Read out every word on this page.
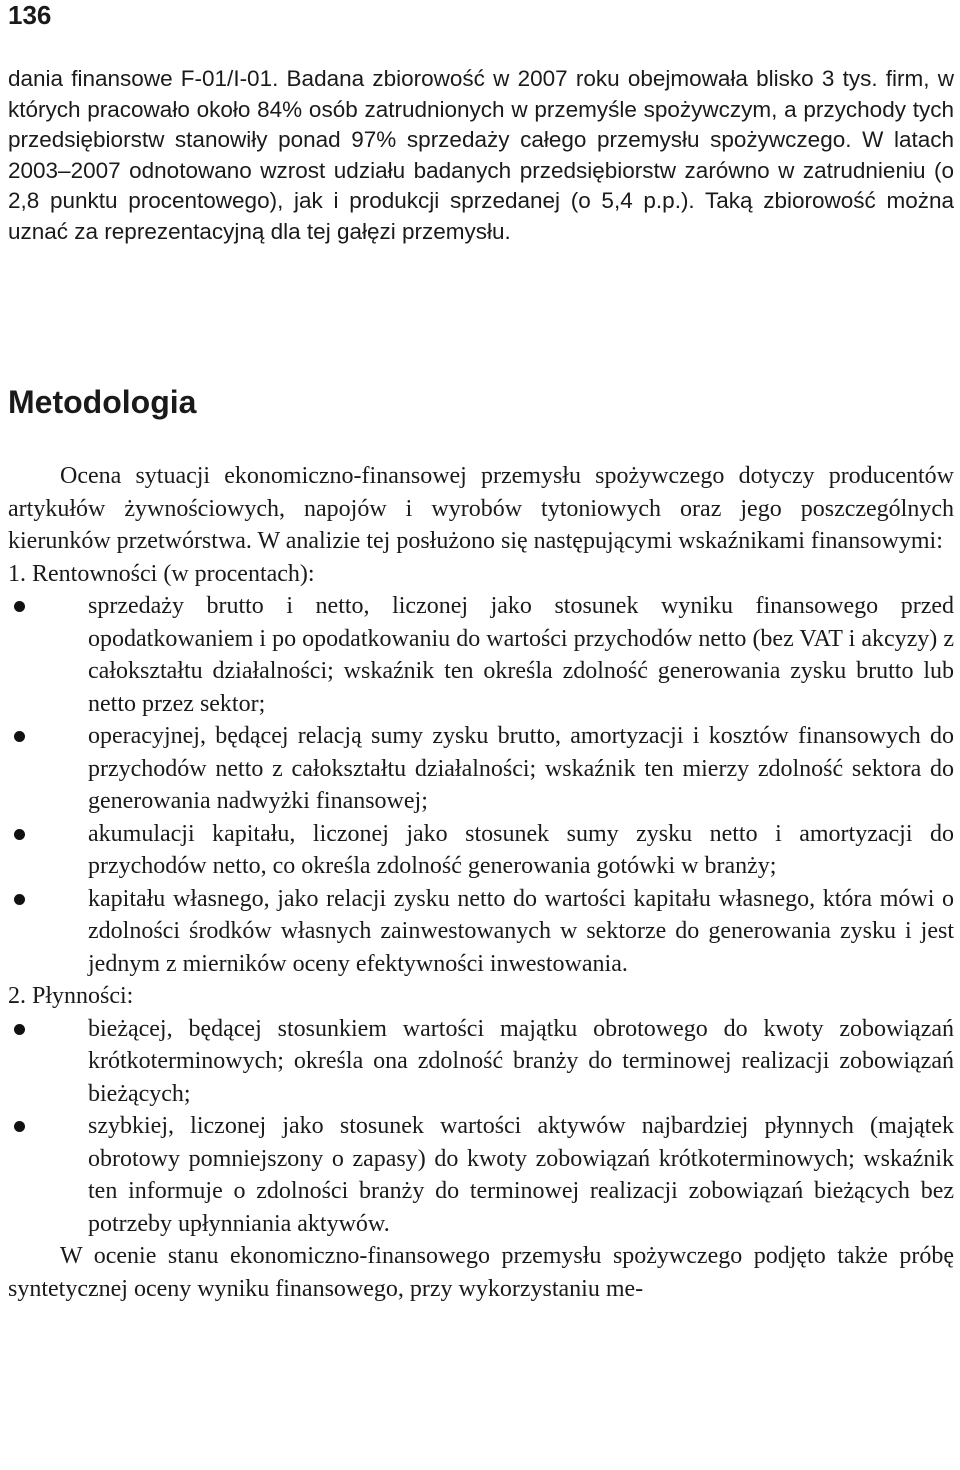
136

dania finansowe F-01/I-01. Badana zbiorowość w 2007 roku obejmowała blisko 3 tys. firm, w których pracowało około 84% osób zatrudnionych w przemyśle spożywczym, a przychody tych przedsiębiorstw stanowiły ponad 97% sprzedaży całego przemysłu spożywczego. W latach 2003–2007 odnotowano wzrost udziału badanych przedsiębiorstw zarówno w zatrudnieniu (o 2,8 punktu procentowego), jak i produkcji sprzedanej (o 5,4 p.p.). Taką zbiorowość można uznać za reprezentacyjną dla tej gałęzi przemysłu.

Metodologia

Ocena sytuacji ekonomiczno-finansowej przemysłu spożywczego dotyczy producentów artykułów żywnościowych, napojów i wyrobów tytoniowych oraz jego poszczególnych kierunków przetwórstwa. W analizie tej posłużono się następującymi wskaźnikami finansowymi:

1. Rentowności (w procentach):

sprzedaży brutto i netto, liczonej jako stosunek wyniku finansowego przed opodatkowaniem i po opodatkowaniu do wartości przychodów netto (bez VAT i akcyzy) z całokształtu działalności; wskaźnik ten określa zdolność generowania zysku brutto lub netto przez sektor;
operacyjnej, będącej relacją sumy zysku brutto, amortyzacji i kosztów finansowych do przychodów netto z całokształtu działalności; wskaźnik ten mierzy zdolność sektora do generowania nadwyżki finansowej;
akumulacji kapitału, liczonej jako stosunek sumy zysku netto i amortyzacji do przychodów netto, co określa zdolność generowania gotówki w branży;
kapitału własnego, jako relacji zysku netto do wartości kapitału własnego, która mówi o zdolności środków własnych zainwestowanych w sektorze do generowania zysku i jest jednym z mierników oceny efektywności inwestowania.

2. Płynności:

bieżącej, będącej stosunkiem wartości majątku obrotowego do kwoty zobowiązań krótkoterminowych; określa ona zdolność branży do terminowej realizacji zobowiązań bieżących;
szybkiej, liczonej jako stosunek wartości aktywów najbardziej płynnych (majątek obrotowy pomniejszony o zapasy) do kwoty zobowiązań krótkoterminowych; wskaźnik ten informuje o zdolności branży do terminowej realizacji zobowiązań bieżących bez potrzeby upłynniania aktywów.

W ocenie stanu ekonomiczno-finansowego przemysłu spożywczego podjęto także próbę syntetycznej oceny wyniku finansowego, przy wykorzystaniu me-
